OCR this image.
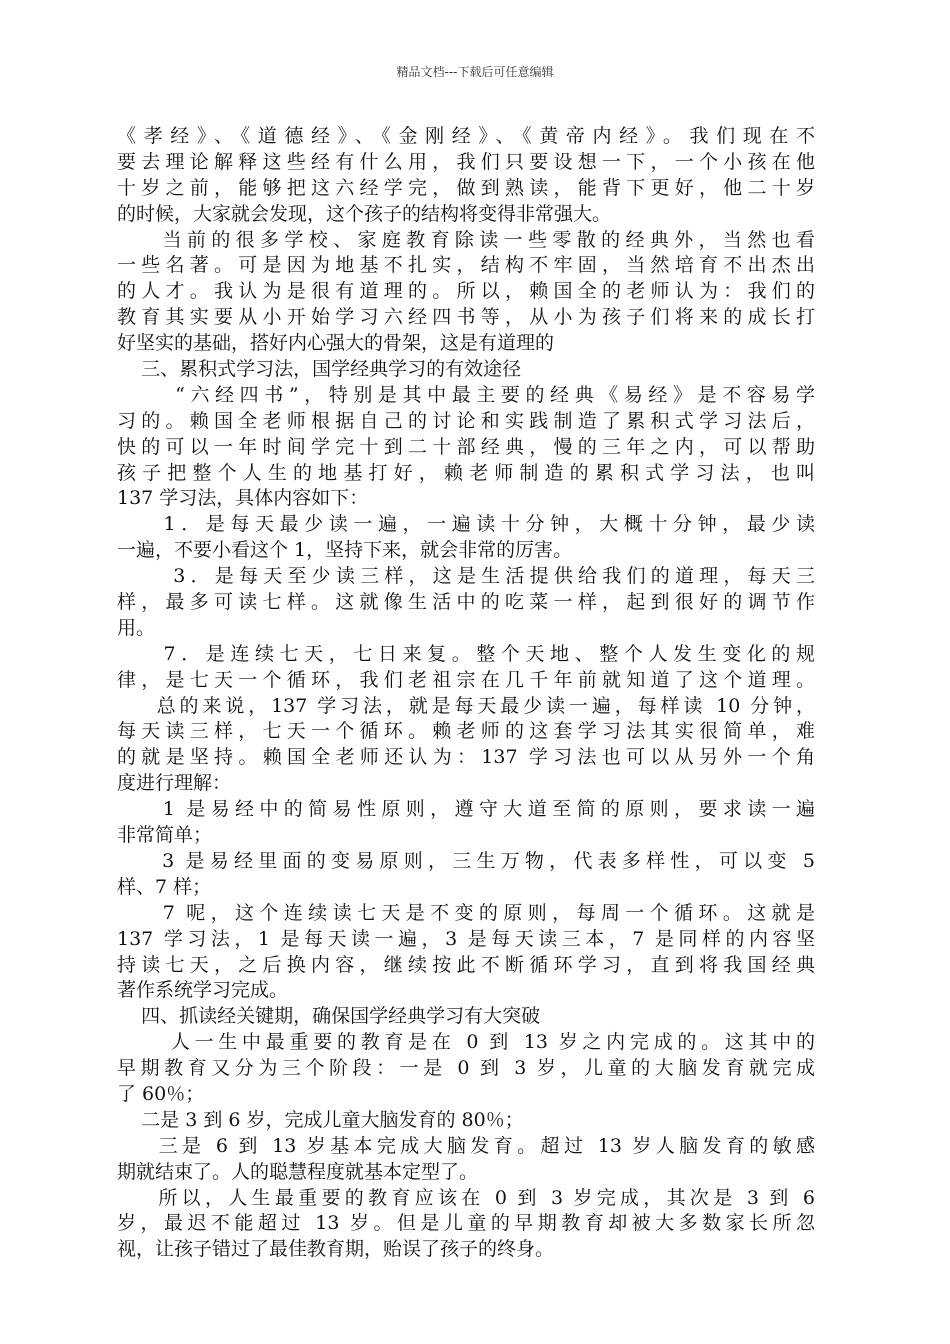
精品文档---下载后可任意编辑
《孝经》、《道德经》、《金刚经》、《黄帝内经》。我们现在不
要去理论解释这些经有什么用，我们只要设想一下，一个小孩在他
十岁之前，能够把这六经学完，做到熟读，能背下更好，他二十岁
的时候，大家就会发现，这个孩子的结构将变得非常强大。
当前的很多学校、家庭教育除读一些零散的经典外，当然也看
一些名著。可是因为地基不扎实，结构不牢固，当然培育不出杰出
的人才。我认为是很有道理的。所以，赖国全的老师认为：我们的
教育其实要从小开始学习六经四书等，从小为孩子们将来的成长打
好坚实的基础，搭好内心强大的骨架，这是有道理的
三、累积式学习法，国学经典学习的有效途径
“六经四书”，特别是其中最主要的经典《易经》是不容易学
习的。赖国全老师根据自己的讨论和实践制造了累积式学习法后，
快的可以一年时间学完十到二十部经典，慢的三年之内，可以帮助
孩子把整个人生的地基打好，赖老师制造的累积式学习法，也叫
137 学习法，具体内容如下：
1．是每天最少读一遍，一遍读十分钟，大概十分钟，最少读
一遍，不要小看这个 1，坚持下来，就会非常的厉害。
3．是每天至少读三样，这是生活提供给我们的道理，每天三
样，最多可读七样。这就像生活中的吃菜一样，起到很好的调节作
用。
7．是连续七天，七日来复。整个天地、整个人发生变化的规
律，是七天一个循环，我们老祖宗在几千年前就知道了这个道理。
总的来说，137 学习法，就是每天最少读一遍，每样读 10 分钟，
每天读三样，七天一个循环。赖老师的这套学习法其实很简单，难
的就是坚持。赖国全老师还认为：137 学习法也可以从另外一个角
度进行理解：
1 是易经中的简易性原则，遵守大道至简的原则，要求读一遍
非常简单；
3 是易经里面的变易原则，三生万物，代表多样性，可以变 5
样、7 样；
7 呢，这个连续读七天是不变的原则，每周一个循环。这就是
137 学习法，1 是每天读一遍，3 是每天读三本，7 是同样的内容坚
持读七天，之后换内容，继续按此不断循环学习，直到将我国经典
著作系统学习完成。
四、抓读经关键期，确保国学经典学习有大突破
人一生中最重要的教育是在 0 到 13 岁之内完成的。这其中的
早期教育又分为三个阶段：一是 0 到 3 岁，儿童的大脑发育就完成
了 60％；
二是 3 到 6 岁，完成儿童大脑发育的 80％；
三是 6 到 13 岁基本完成大脑发育。超过 13 岁人脑发育的敏感
期就结束了。人的聪慧程度就基本定型了。
所以，人生最重要的教育应该在 0 到 3 岁完成，其次是 3 到 6
岁，最迟不能超过 13 岁。但是儿童的早期教育却被大多数家长所忽
视，让孩子错过了最佳教育期，贻误了孩子的终身。
